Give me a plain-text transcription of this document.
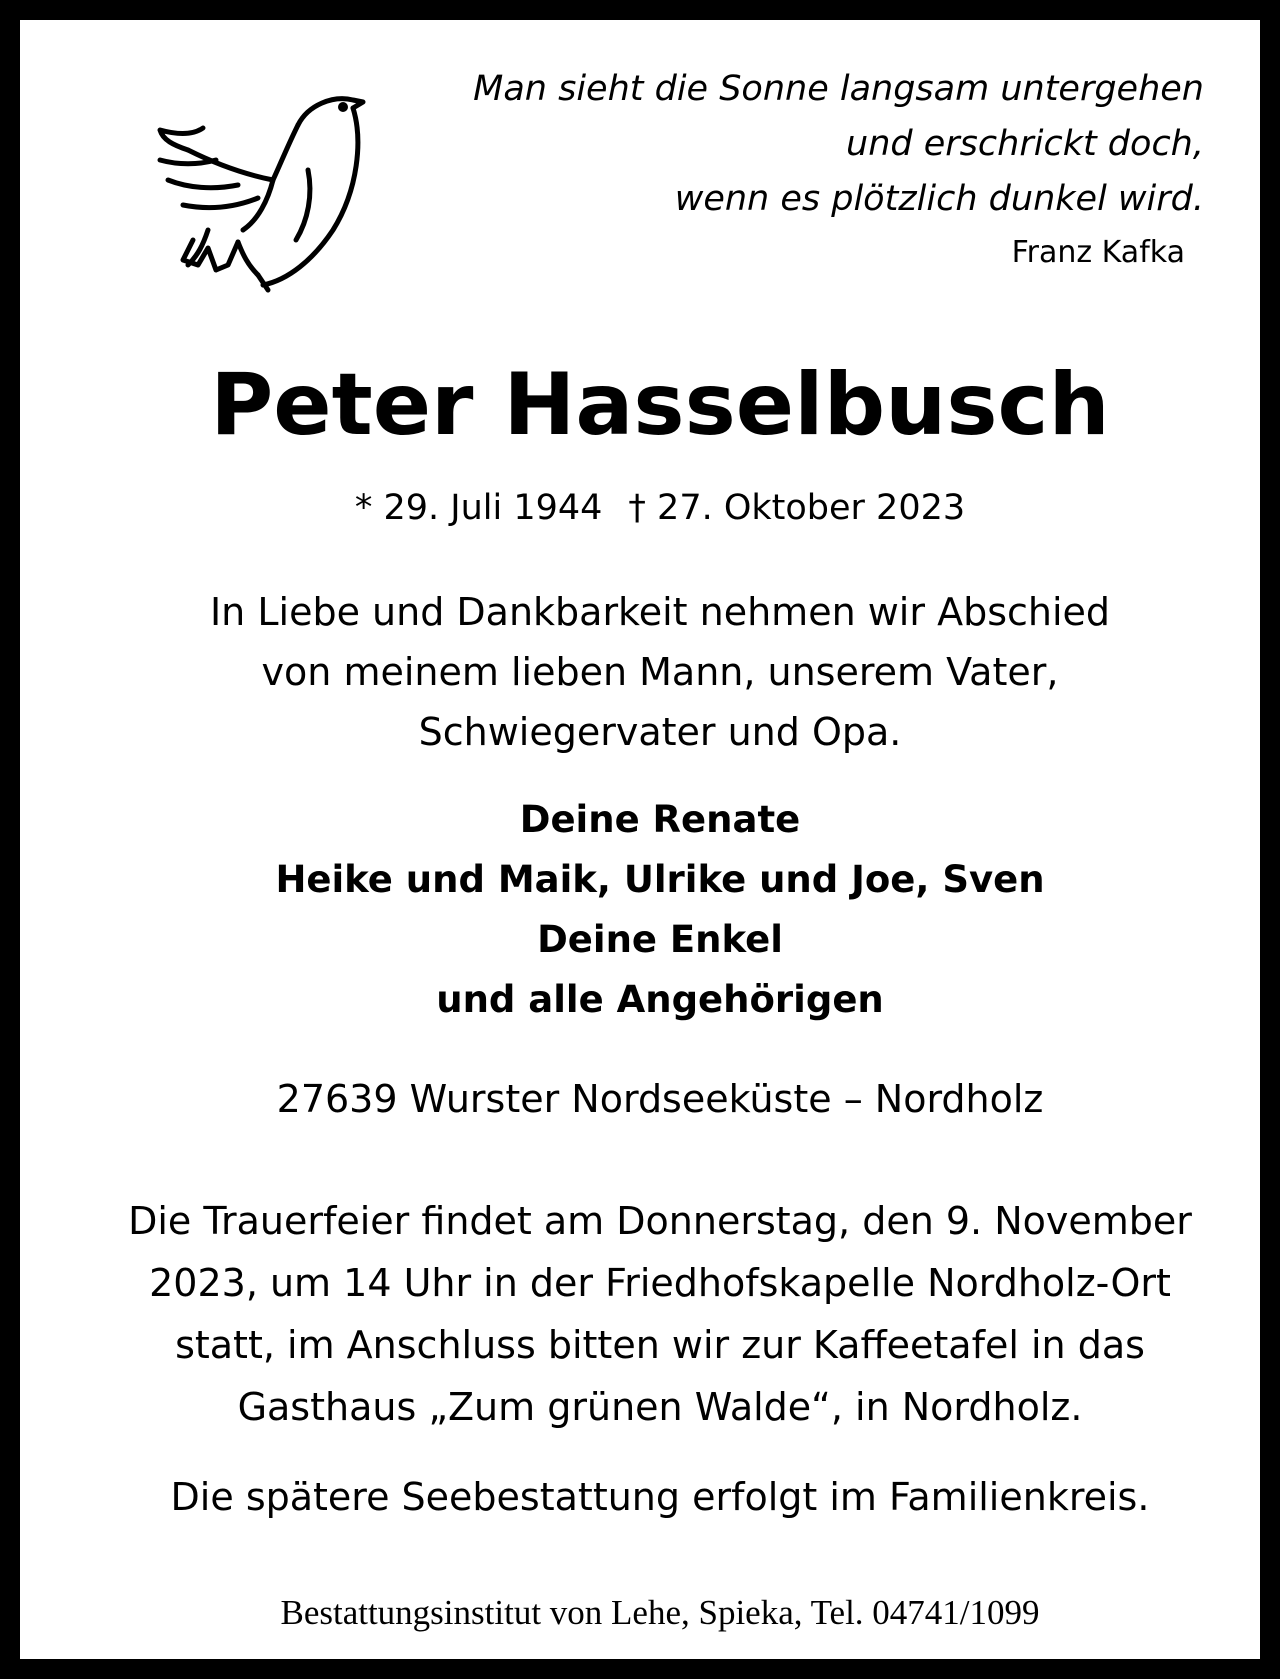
Man sieht die Sonne langsam untergehen
und erschrickt doch,
wenn es plötzlich dunkel wird.
Franz Kafka
Peter Hasselbusch
* 29. Juli 1944 † 27. Oktober 2023
In Liebe und Dankbarkeit nehmen wir Abschied
von meinem lieben Mann, unserem Vater,
Schwiegervater und Opa.
Deine Renate
Heike und Maik, Ulrike und Joe, Sven
Deine Enkel
und alle Angehörigen
27639 Wurster Nordseeküste – Nordholz
Die Trauerfeier findet am Donnerstag, den 9. November
2023, um 14 Uhr in der Friedhofskapelle Nordholz-Ort
statt, im Anschluss bitten wir zur Kaffeetafel in das
Gasthaus „Zum grünen Walde“, in Nordholz.
Die spätere Seebestattung erfolgt im Familienkreis.
Bestattungsinstitut von Lehe, Spieka, Tel. 04741/1099
